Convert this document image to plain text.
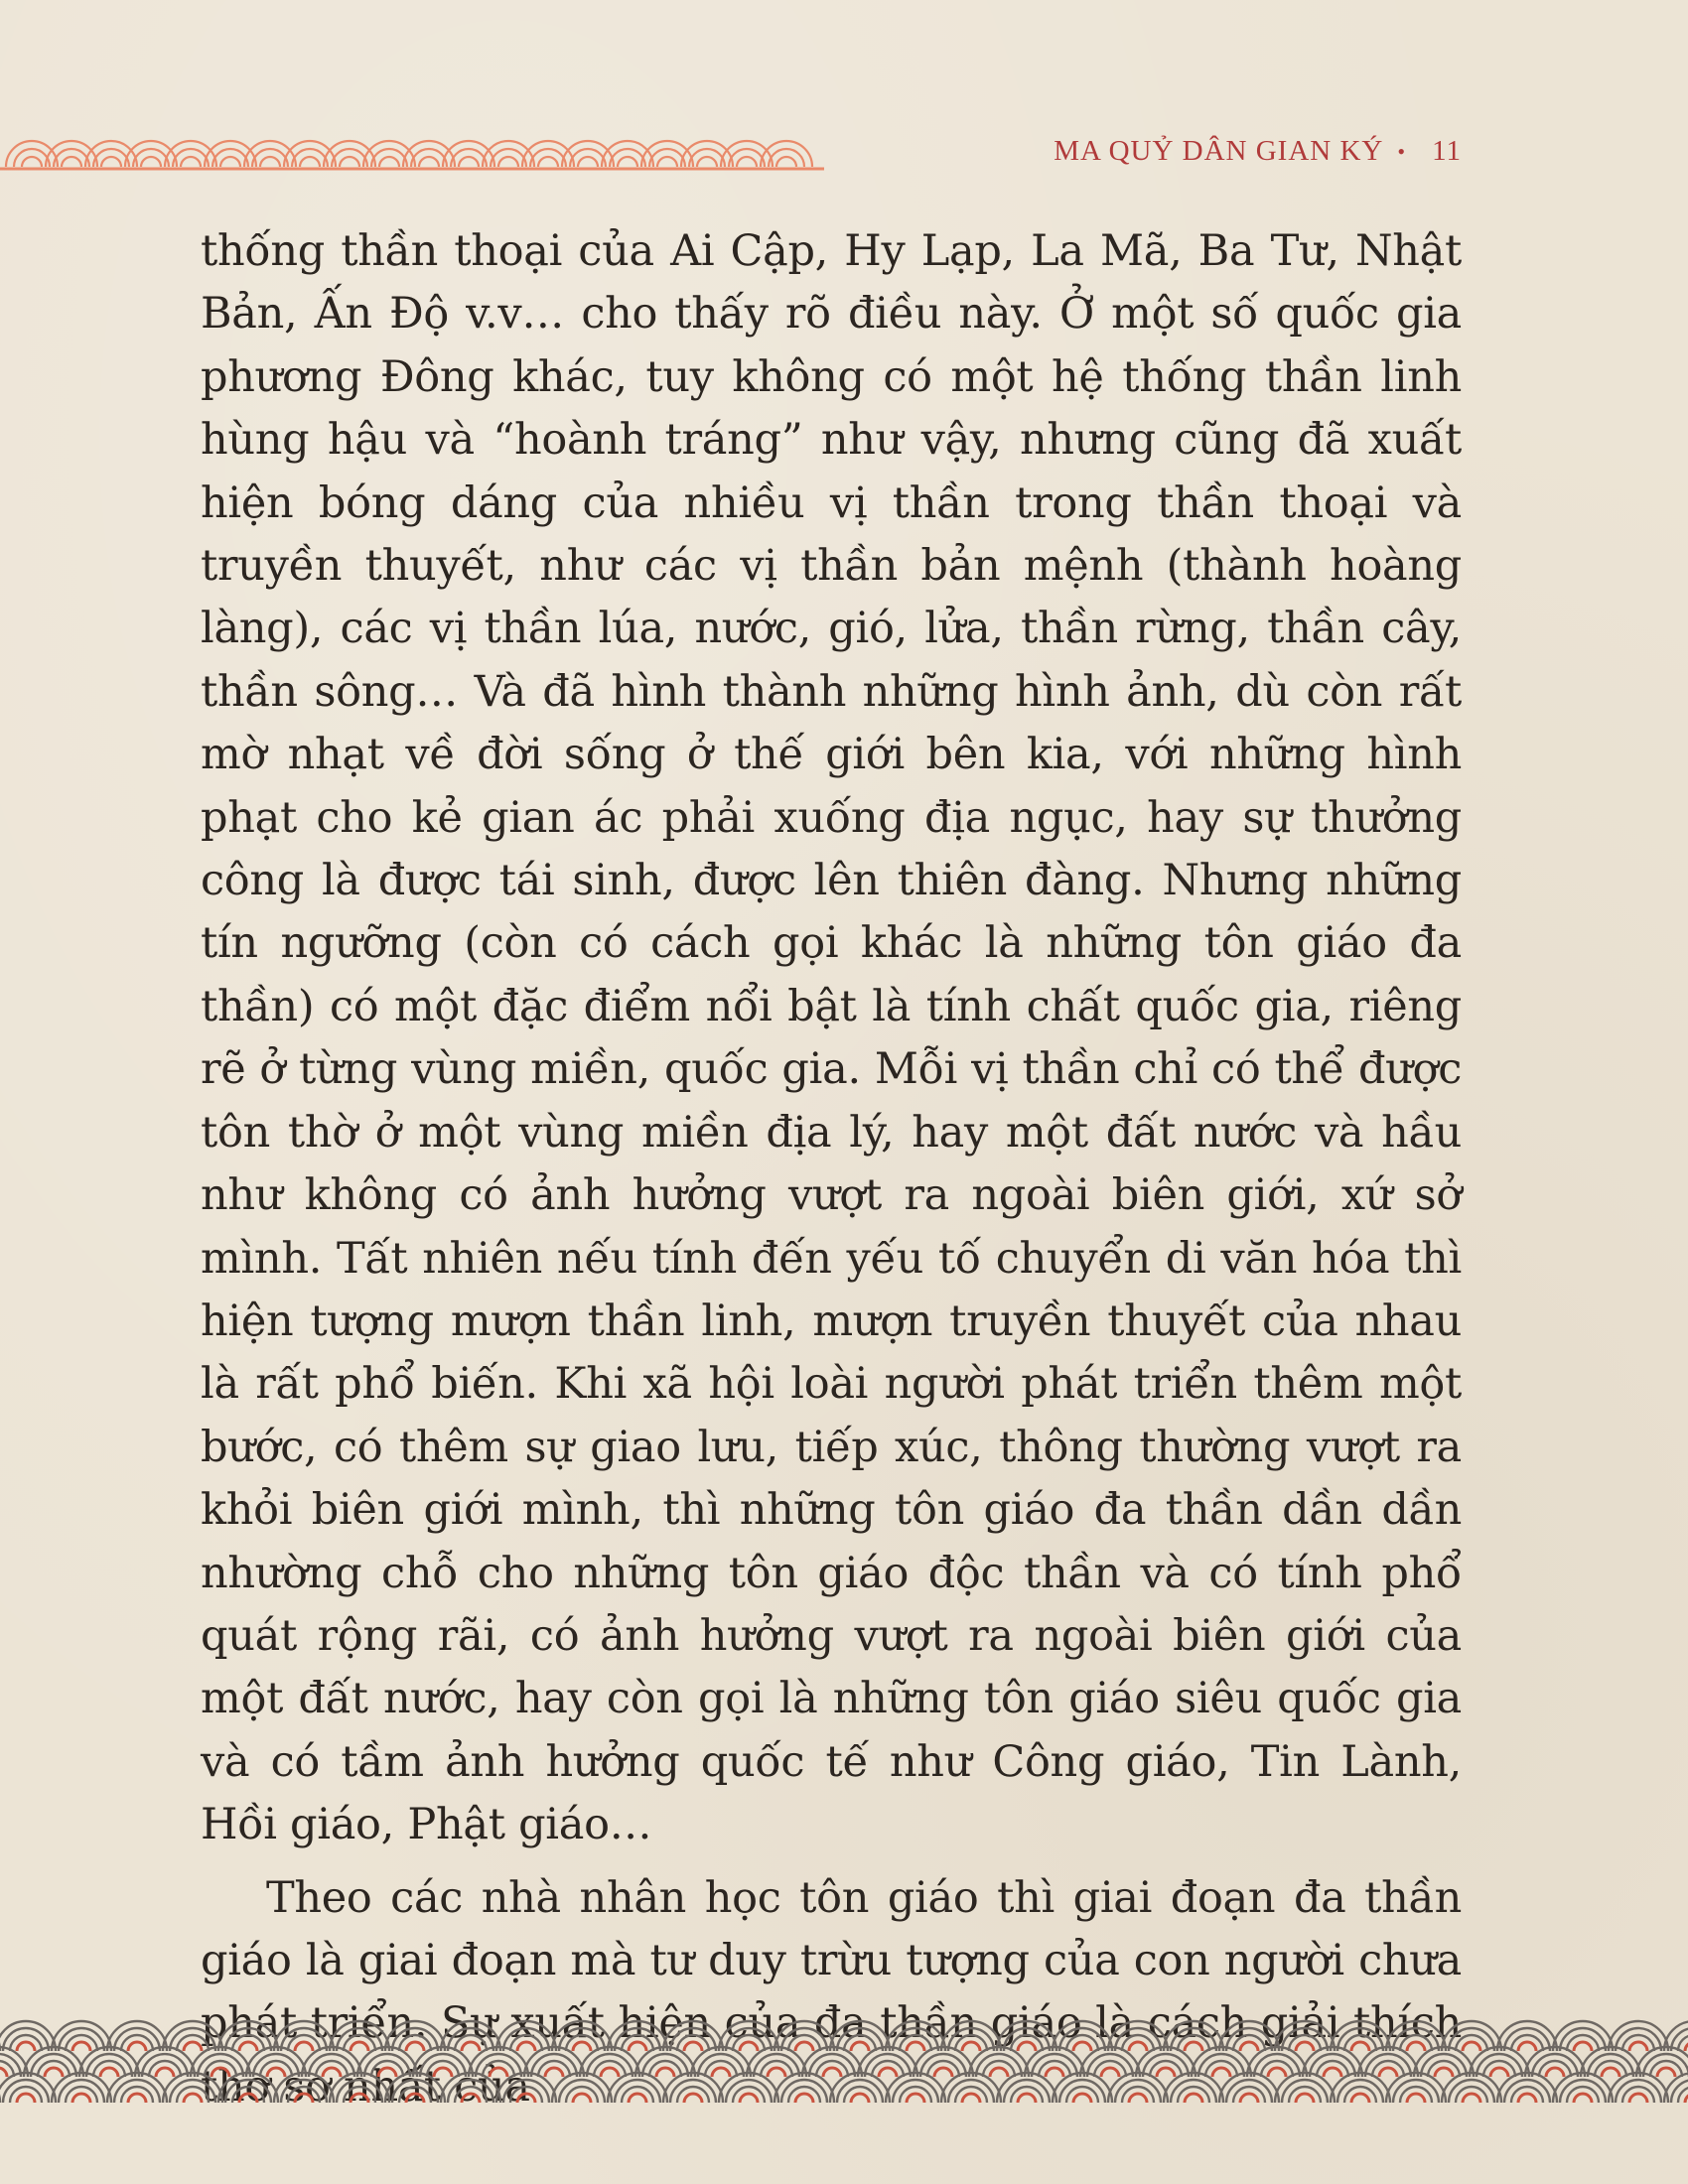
MA QUỶ DÂN GIAN KÝ • 11

thống thần thoại của Ai Cập, Hy Lạp, La Mã, Ba Tư, Nhật Bản, Ấn Độ v.v… cho thấy rõ điều này. Ở một số quốc gia phương Đông khác, tuy không có một hệ thống thần linh hùng hậu và “hoành tráng” như vậy, nhưng cũng đã xuất hiện bóng dáng của nhiều vị thần trong thần thoại và truyền thuyết, như các vị thần bản mệnh (thành hoàng làng), các vị thần lúa, nước, gió, lửa, thần rừng, thần cây, thần sông… Và đã hình thành những hình ảnh, dù còn rất mờ nhạt về đời sống ở thế giới bên kia, với những hình phạt cho kẻ gian ác phải xuống địa ngục, hay sự thưởng công là được tái sinh, được lên thiên đàng. Nhưng những tín ngưỡng (còn có cách gọi khác là những tôn giáo đa thần) có một đặc điểm nổi bật là tính chất quốc gia, riêng rẽ ở từng vùng miền, quốc gia. Mỗi vị thần chỉ có thể được tôn thờ ở một vùng miền địa lý, hay một đất nước và hầu như không có ảnh hưởng vượt ra ngoài biên giới, xứ sở mình. Tất nhiên nếu tính đến yếu tố chuyển di văn hóa thì hiện tượng mượn thần linh, mượn truyền thuyết của nhau là rất phổ biến. Khi xã hội loài người phát triển thêm một bước, có thêm sự giao lưu, tiếp xúc, thông thường vượt ra khỏi biên giới mình, thì những tôn giáo đa thần dần dần nhường chỗ cho những tôn giáo độc thần và có tính phổ quát rộng rãi, có ảnh hưởng vượt ra ngoài biên giới của một đất nước, hay còn gọi là những tôn giáo siêu quốc gia và có tầm ảnh hưởng quốc tế như Công giáo, Tin Lành, Hồi giáo, Phật giáo…

Theo các nhà nhân học tôn giáo thì giai đoạn đa thần giáo là giai đoạn mà tư duy trừu tượng của con người chưa phát triển. Sự xuất hiện của đa thần giáo là cách giải thích thơ sơ nhất của
